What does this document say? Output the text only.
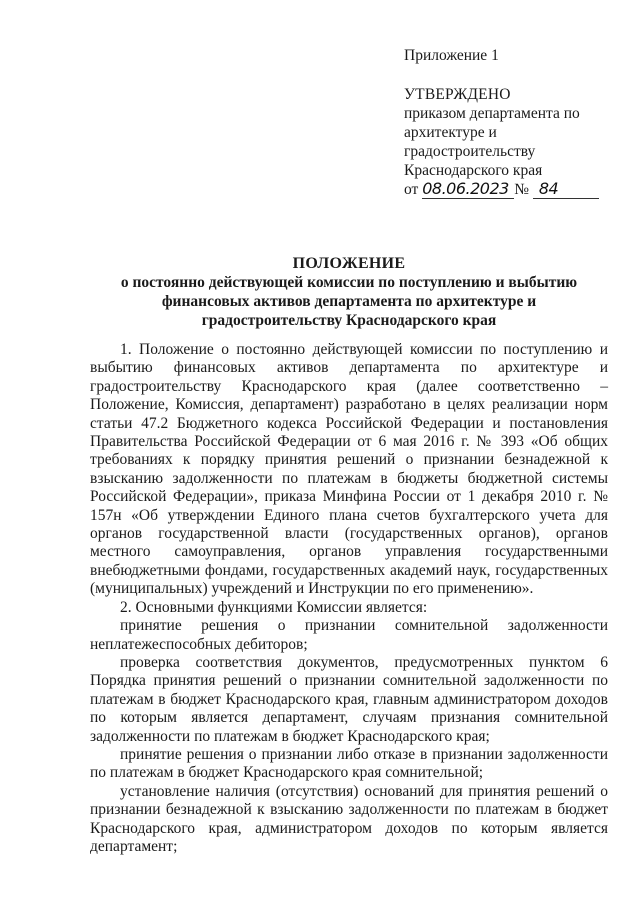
Приложение 1
УТВЕРЖДЕНО
приказом департамента по
архитектуре и
градостроительству
Краснодарского края
от 08.06.2023 № 84
ПОЛОЖЕНИЕ
о постоянно действующей комиссии по поступлению и выбытию
финансовых активов департамента по архитектуре и
градостроительству Краснодарского края

1. Положение о постоянно действующей комиссии по поступлению и выбытию финансовых активов департамента по архитектуре и градостроительству Краснодарского края (далее соответственно – Положение, Комиссия, департамент) разработано в целях реализации норм статьи 47.2 Бюджетного кодекса Российской Федерации и постановления Правительства Российской Федерации от 6 мая 2016 г. № 393 «Об общих требованиях к порядку принятия решений о признании безнадежной к взысканию задолженности по платежам в бюджеты бюджетной системы Российской Федерации», приказа Минфина России от 1 декабря 2010 г. № 157н «Об утверждении Единого плана счетов бухгалтерского учета для органов государственной власти (государственных органов), органов местного самоуправления, органов управления государственными внебюджетными фондами, государственных академий наук, государственных (муниципальных) учреждений и Инструкции по его применению».

2. Основными функциями Комиссии является:

принятие решения о признании сомнительной задолженности неплатежеспособных дебиторов;

проверка соответствия документов, предусмотренных пунктом 6 Порядка принятия решений о признании сомнительной задолженности по платежам в бюджет Краснодарского края, главным администратором доходов по которым является департамент, случаям признания сомнительной задолженности по платежам в бюджет Краснодарского края;

принятие решения о признании либо отказе в признании задолженности по платежам в бюджет Краснодарского края сомнительной;

установление наличия (отсутствия) оснований для принятия решений о признании безнадежной к взысканию задолженности по платежам в бюджет Краснодарского края, администратором доходов по которым является департамент;
